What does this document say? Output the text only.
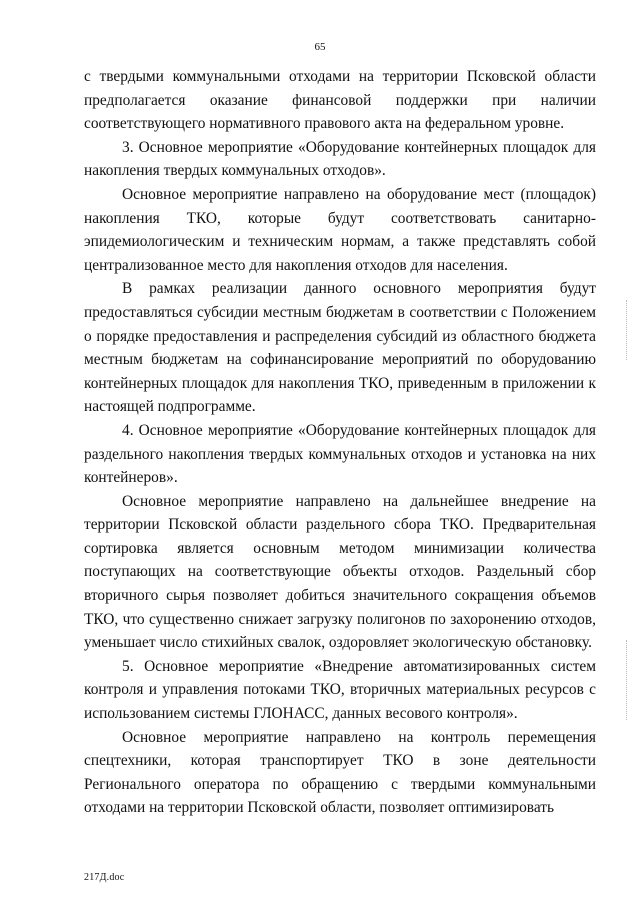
65

с твердыми коммунальными отходами на территории Псковской области предполагается оказание финансовой поддержки при наличии соответствующего нормативного правового акта на федеральном уровне.

3. Основное мероприятие «Оборудование контейнерных площадок для накопления твердых коммунальных отходов».

Основное мероприятие направлено на оборудование мест (площадок) накопления ТКО, которые будут соответствовать санитарно-эпидемиологическим и техническим нормам, а также представлять собой централизованное место для накопления отходов для населения.

В рамках реализации данного основного мероприятия будут предоставляться субсидии местным бюджетам в соответствии с Положением о порядке предоставления и распределения субсидий из областного бюджета местным бюджетам на софинансирование мероприятий по оборудованию контейнерных площадок для накопления ТКО, приведенным в приложении к настоящей подпрограмме.

4. Основное мероприятие «Оборудование контейнерных площадок для раздельного накопления твердых коммунальных отходов и установка на них контейнеров».

Основное мероприятие направлено на дальнейшее внедрение на территории Псковской области раздельного сбора ТКО. Предварительная сортировка является основным методом минимизации количества поступающих на соответствующие объекты отходов. Раздельный сбор вторичного сырья позволяет добиться значительного сокращения объемов ТКО, что существенно снижает загрузку полигонов по захоронению отходов, уменьшает число стихийных свалок, оздоровляет экологическую обстановку.

5. Основное мероприятие «Внедрение автоматизированных систем контроля и управления потоками ТКО, вторичных материальных ресурсов с использованием системы ГЛОНАСС, данных весового контроля».

Основное мероприятие направлено на контроль перемещения спецтехники, которая транспортирует ТКО в зоне деятельности Регионального оператора по обращению с твердыми коммунальными отходами на территории Псковской области, позволяет оптимизировать

217Д.doc
